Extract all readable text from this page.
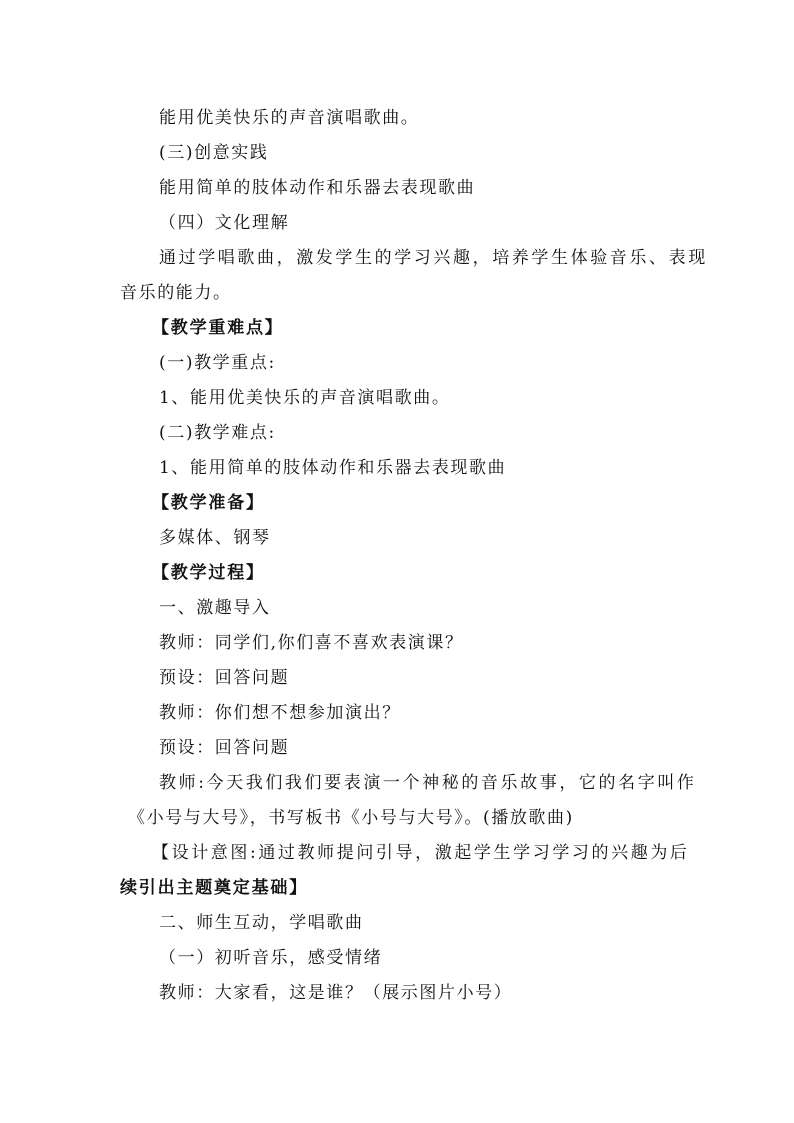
能用优美快乐的声音演唱歌曲。
(三)创意实践
能用简单的肢体动作和乐器去表现歌曲
（四）文化理解
通过学唱歌曲，激发学生的学习兴趣，培养学生体验音乐、表现
音乐的能力。
【教学重难点】
(一)教学重点:
1、能用优美快乐的声音演唱歌曲。
(二)教学难点:
1、能用简单的肢体动作和乐器去表现歌曲
【教学准备】
多媒体、钢琴
【教学过程】
一、激趣导入
教师：同学们,你们喜不喜欢表演课？
预设：回答问题
教师：你们想不想参加演出？
预设：回答问题
教师:今天我们我们要表演一个神秘的音乐故事，它的名字叫作
《小号与大号》，书写板书《小号与大号》。(播放歌曲)
【设计意图:通过教师提问引导，激起学生学习学习的兴趣为后
续引出主题奠定基础】
二、师生互动，学唱歌曲
（一）初听音乐，感受情绪
教师：大家看，这是谁？（展示图片小号）
